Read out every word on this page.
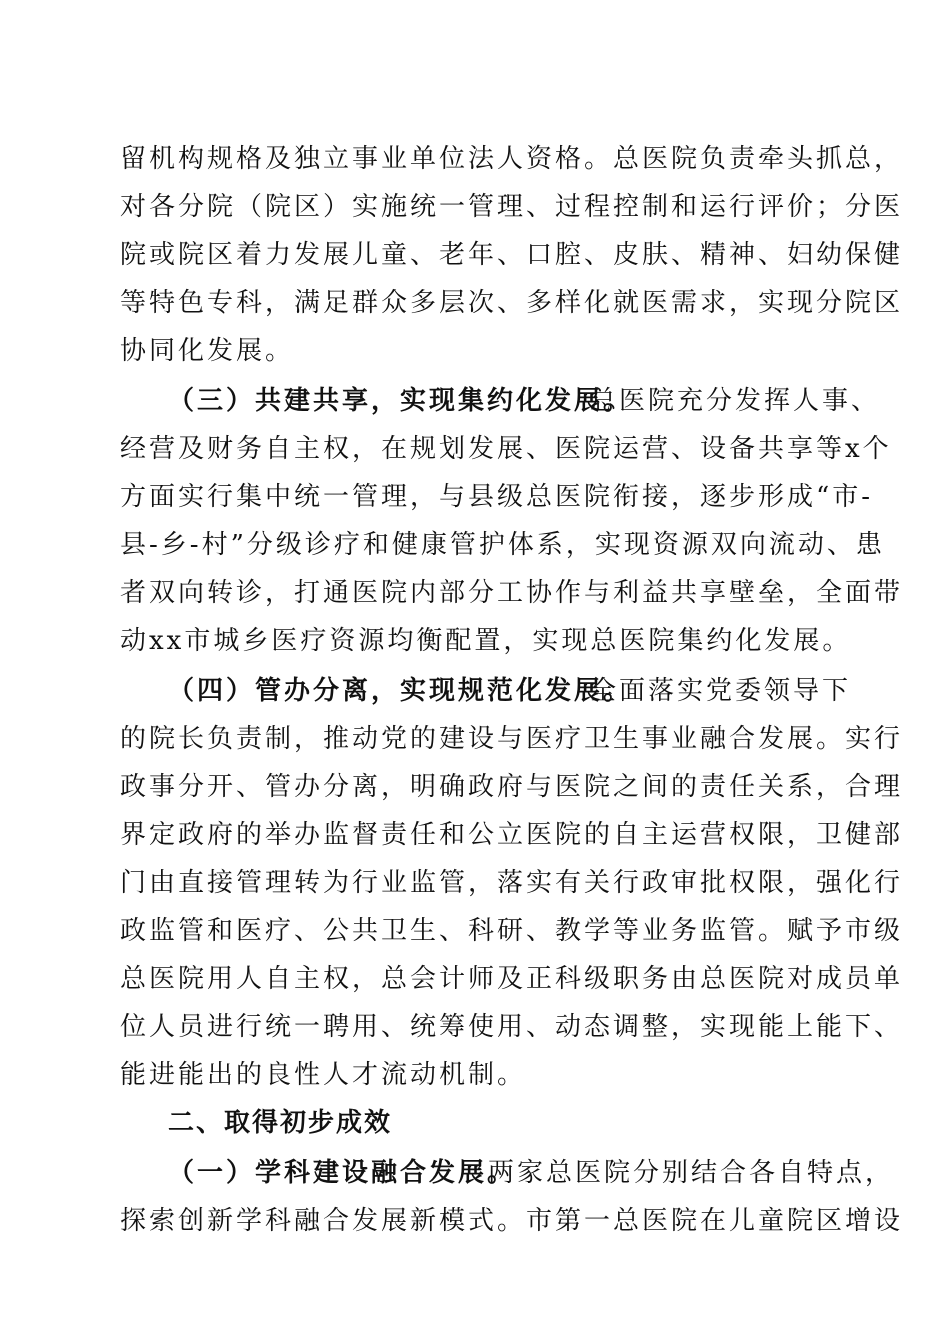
留机构规格及独立事业单位法人资格。总医院负责牵头抓总，
对各分院（院区）实施统一管理、过程控制和运行评价；分医
院或院区着力发展儿童、老年、口腔、皮肤、精神、妇幼保健
等特色专科，满足群众多层次、多样化就医需求，实现分院区
协同化发展。
（三）共建共享，实现集约化发展。
总医院充分发挥人事、
经营及财务自主权，在规划发展、医院运营、设备共享等x个
方面实行集中统一管理，与县级总医院衔接，逐步形成“市-
县-乡-村”分级诊疗和健康管护体系，实现资源双向流动、患
者双向转诊，打通医院内部分工协作与利益共享壁垒，全面带
动xx市城乡医疗资源均衡配置，实现总医院集约化发展。
（四）管办分离，实现规范化发展。
全面落实党委领导下
的院长负责制，推动党的建设与医疗卫生事业融合发展。实行
政事分开、管办分离，明确政府与医院之间的责任关系，合理
界定政府的举办监督责任和公立医院的自主运营权限，卫健部
门由直接管理转为行业监管，落实有关行政审批权限，强化行
政监管和医疗、公共卫生、科研、教学等业务监管。赋予市级
总医院用人自主权，总会计师及正科级职务由总医院对成员单
位人员进行统一聘用、统筹使用、动态调整，实现能上能下、
能进能出的良性人才流动机制。
二、取得初步成效
（一）学科建设融合发展。
两家总医院分别结合各自特点，
探索创新学科融合发展新模式。市第一总医院在儿童院区增设
